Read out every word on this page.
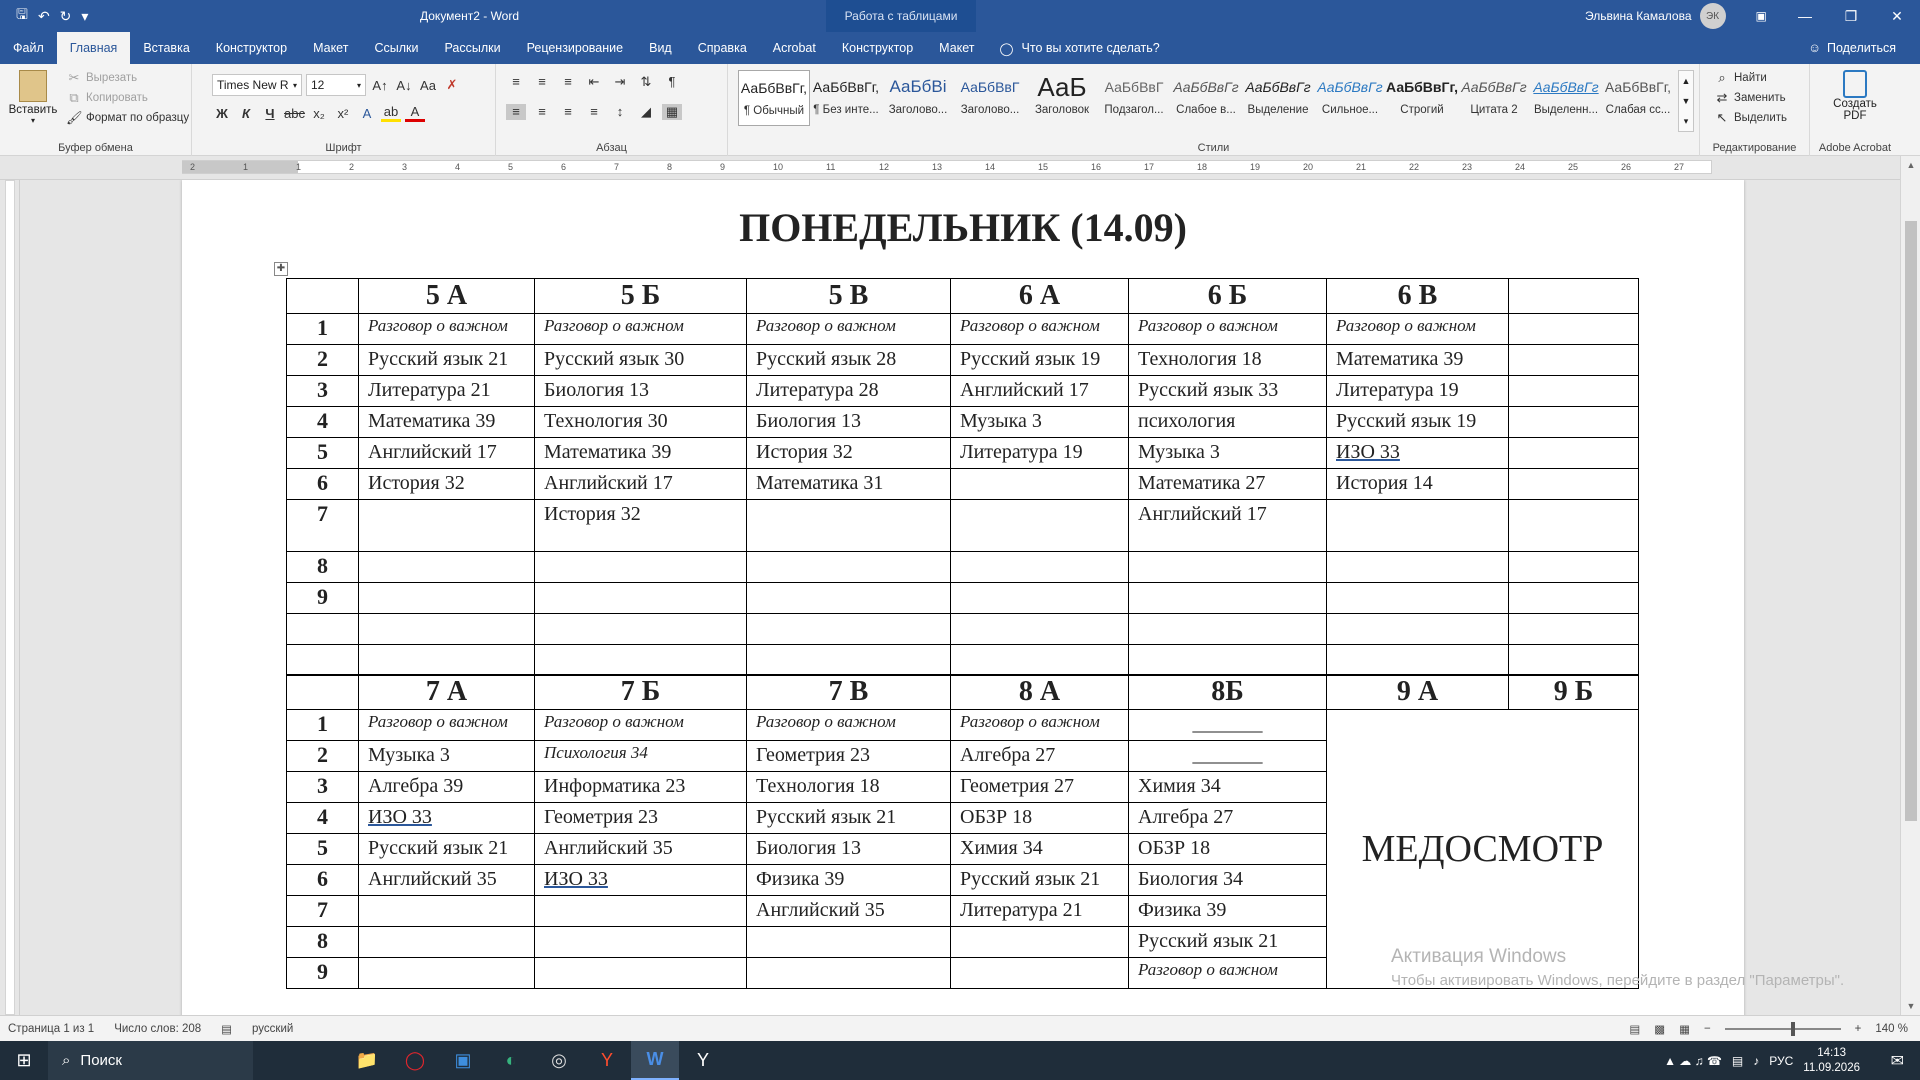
🖫 ↶ ↻ ▾	Документ2 - Word	Работа с таблицами	Эльвина Камалова	ЭК	▣	—	❐	✕
Файл	Главная	Вставка	Конструктор	Макет	Ссылки	Рассылки	Рецензирование	Вид	Справка	Acrobat	Конструктор	Макет	◯ Что вы хотите сделать?	☺ Поделиться
Вставить
▾
✂ Вырезать
⧉ Копировать
🖌 Формат по образцу
Буфер обмена
Times New R ▾ 12	▾ A↑ A↓ Aa ✗
Ж	К	Ч abc x₂ x²	A ab A
Шрифт
≡	≡	≡	⇤	⇥	⇅	¶
≡	≡	≡	≡	↕	◢	▦
Абзац
АаБбВвГг,
¶ Обычный
АаБбВвГг,
¶ Без инте...
АаБбВі
Заголово...
АаБбВвГ
Заголово...
АаБ
Заголовок
АаБбВвГ
Подзагол...
АаБбВвГг
Слабое в...
АаБбВвГг
Выделение
АаБбВвГг
Сильное...
АаБбВвГг,
Строгий
АаБбВвГг
Цитата 2
АаБбВвГг
Выделенн...
АаБбВвГг,
Слабая сс...
▲
▼
▾
Стили
⌕ Найти
⇄ Заменить
↖ Выделить
Редактирование
Создать
PDF
Adobe Acrobat
2	1	1	2	3	4	5	6	7	8	9	10	11	12	13	14	15	16	17	18	19	20	21	22	23	24	25	26	27
ПОНЕДЕЛЬНИК (14.09)
✚
	5 А	5 Б	5 В	6 А	6 Б	6 В	
1	Разговор о важном	Разговор о важном	Разговор о важном	Разговор о важном	Разговор о важном	Разговор о важном	
2	Русский язык 21	Русский язык 30	Русский язык 28	Русский язык 19	Технология 18	Математика 39	
3	Литература 21	Биология 13	Литература 28	Английский 17	Русский язык 33	Литература 19	
4	Математика 39	Технология 30	Биология 13	Музыка 3	психология	Русский язык 19	
5	Английский 17	Математика 39	История 32	Литература 19	Музыка 3	ИЗО 33	
6	История 32	Английский 17	Математика 31		Математика 27	История 14	
7		История 32			Английский 17		
8							
9							

	7 А	7 Б	7 В	8 А	8Б	9 А	9 Б
1	Разговор о важном	Разговор о важном	Разговор о важном	Разговор о важном	_______	МЕДОСМОТР	
2	Музыка 3	Психология 34	Геометрия 23	Алгебра 27	_______		
3	Алгебра 39	Информатика 23	Технология 18	Геометрия 27	Химия 34		
4	ИЗО 33	Геометрия 23	Русский язык 21	ОБЗР 18	Алгебра 27		
5	Русский язык 21	Английский 35	Биология 13	Химия 34	ОБЗР 18		
6	Английский 35	ИЗО 33	Физика 39	Русский язык 21	Биология 34		
7			Английский 35	Литература 21	Физика 39		
8					Русский язык 21		
9					Разговор о важном		
Активация Windows
Чтобы активировать Windows, перейдите в раздел "Параметры".
▲
▼
Страница 1 из 1 Число слов: 208 ▤ русский	▤ ▩ ▦ −	+ 140 %
⊞	⌕ Поиск	📁	◯	▣	◐	◎	Y	W	Y	▲ ☁ ♫ ☎ ▤ ♪ РУС
14:13
11.09.2026 ✉
